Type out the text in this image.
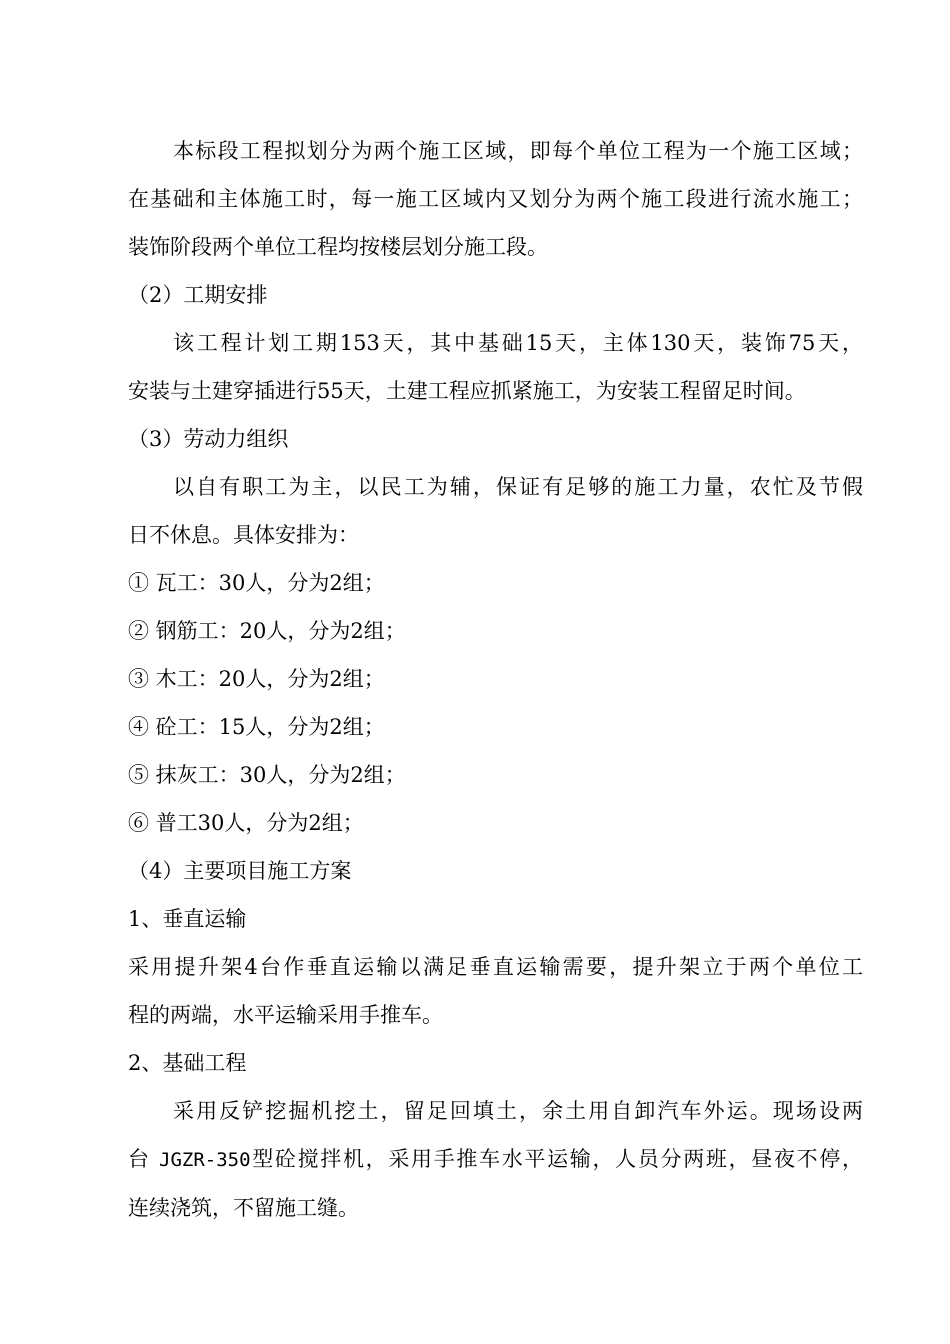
本标段工程拟划分为两个施工区域，即每个单位工程为一个施工区域；

在基础和主体施工时，每一施工区域内又划分为两个施工段进行流水施工；

装饰阶段两个单位工程均按楼层划分施工段。

（2）工期安排

该工程计划工期153天，其中基础15天，主体130天，装饰75天，

安装与土建穿插进行55天，土建工程应抓紧施工，为安装工程留足时间。

（3）劳动力组织

以自有职工为主，以民工为辅，保证有足够的施工力量，农忙及节假

日不休息。具体安排为：

① 瓦工：30人，分为2组；

② 钢筋工：20人，分为2组；

③ 木工：20人，分为2组；

④ 砼工：15人，分为2组；

⑤ 抹灰工：30人，分为2组；

⑥ 普工30人，分为2组；

（4）主要项目施工方案

1、垂直运输

采用提升架4台作垂直运输以满足垂直运输需要，提升架立于两个单位工

程的两端，水平运输采用手推车。

2、基础工程

采用反铲挖掘机挖土，留足回填土，余土用自卸汽车外运。现场设两

台 JGZR-350型砼搅拌机，采用手推车水平运输，人员分两班，昼夜不停，

连续浇筑，不留施工缝。
